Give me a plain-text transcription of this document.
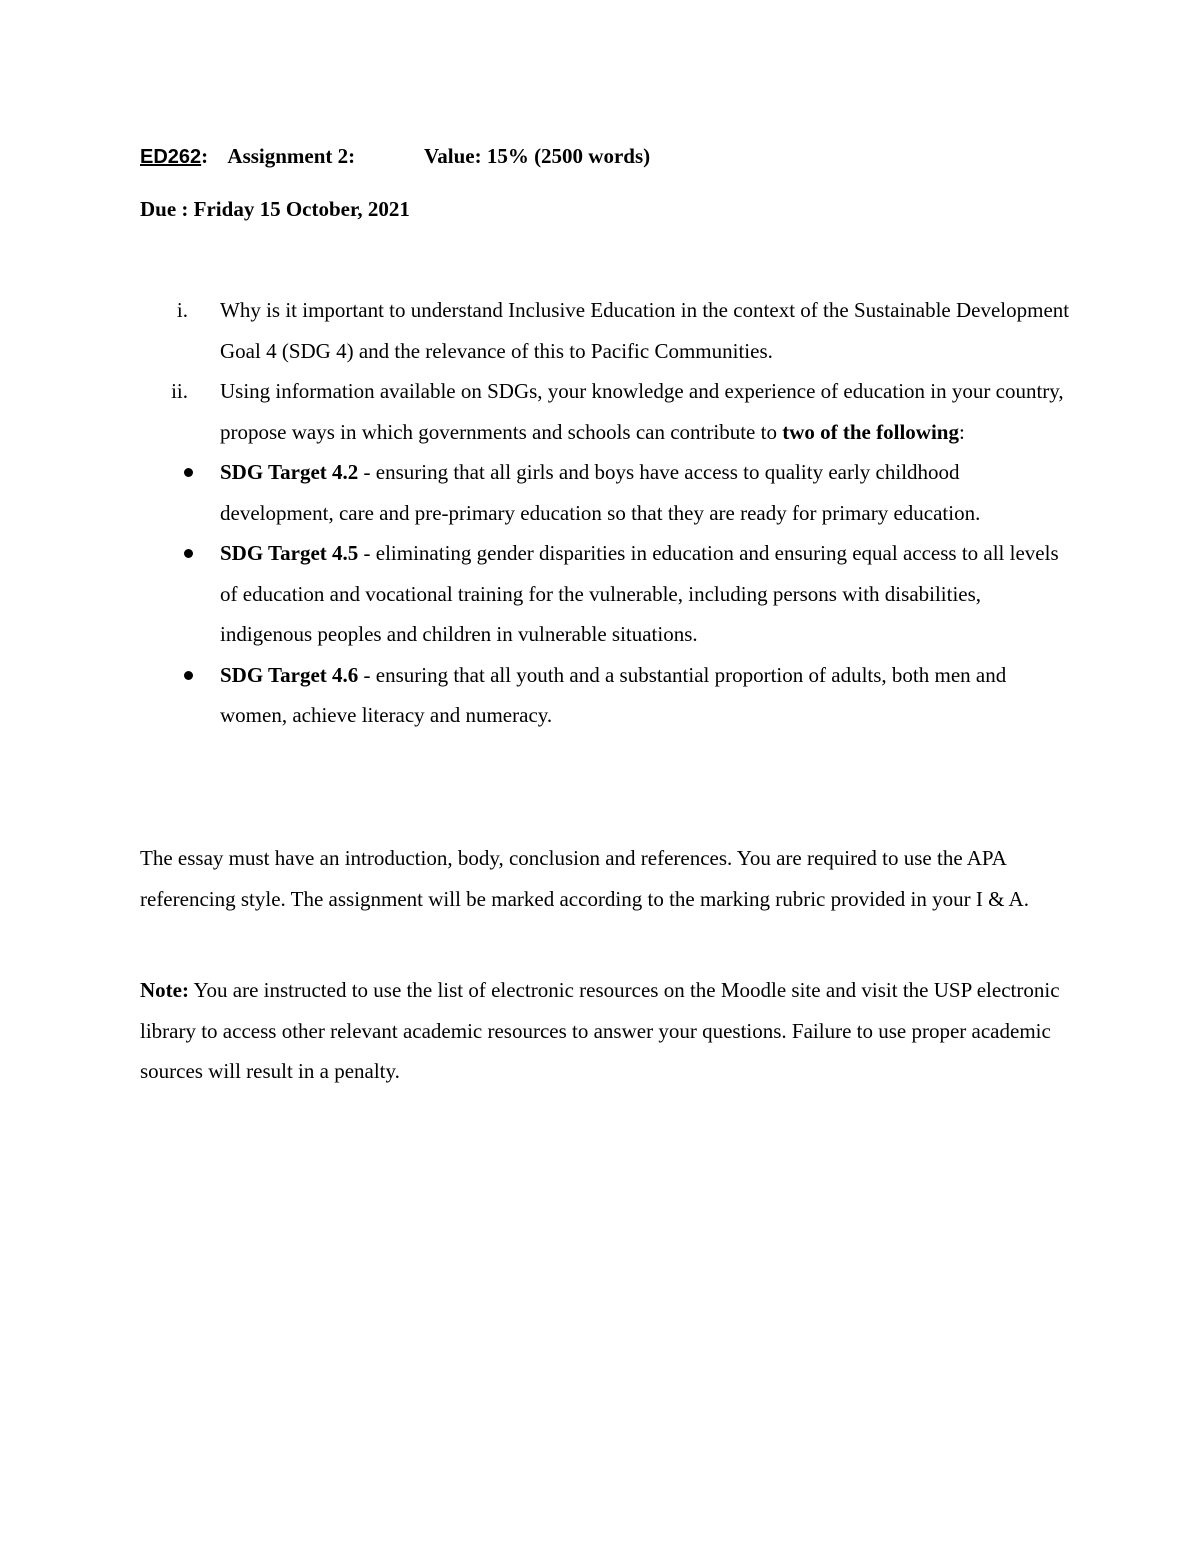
ED262: Assignment 2:	Value: 15% (2500 words)
Due : Friday 15 October, 2021
i. Why is it important to understand Inclusive Education in the context of the Sustainable Development Goal 4 (SDG 4) and the relevance of this to Pacific Communities.
ii. Using information available on SDGs, your knowledge and experience of education in your country, propose ways in which governments and schools can contribute to two of the following:
SDG Target 4.2 - ensuring that all girls and boys have access to quality early childhood development, care and pre-primary education so that they are ready for primary education.
SDG Target 4.5 - eliminating gender disparities in education and ensuring equal access to all levels of education and vocational training for the vulnerable, including persons with disabilities, indigenous peoples and children in vulnerable situations.
SDG Target 4.6 - ensuring that all youth and a substantial proportion of adults, both men and women, achieve literacy and numeracy.

The essay must have an introduction, body, conclusion and references. You are required to use the APA referencing style. The assignment will be marked according to the marking rubric provided in your I & A.

Note: You are instructed to use the list of electronic resources on the Moodle site and visit the USP electronic library to access other relevant academic resources to answer your questions. Failure to use proper academic sources will result in a penalty.
